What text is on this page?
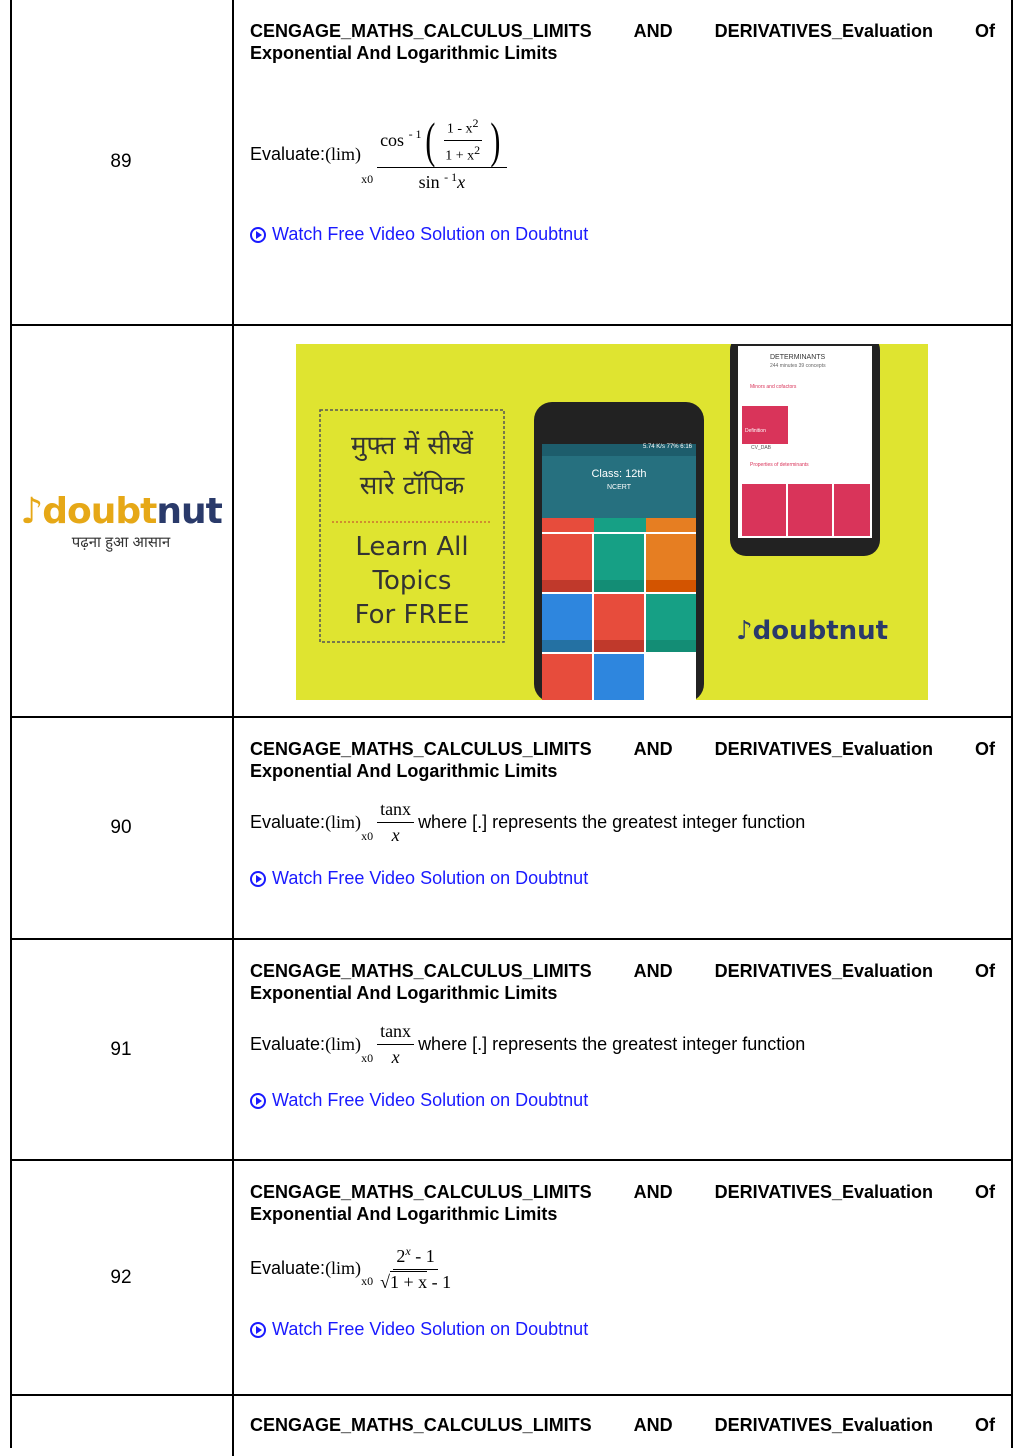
89
CENGAGE_MATHS_CALCULUS_LIMITS AND DERIVATIVES_Evaluation Of
Exponential And Logarithmic Limits
Evaluate: (lim)
x0
cos
$^{- 1}$ ( $\frac{1 - x^2}{1 + x^2}$ )
sin $^{- 1}$x
Watch Free Video Solution on Doubtnut
♪doubtnut
पढ़ना हुआ आसान
मुफ्त में सीखें
सारे टॉपिक
Learn All
Topics
For FREE
5.74 K/s 77% 6:16
Class: 12th
NCERT
DETERMINANTS
244 minutes 39 concepts
Minors and cofactors
Properties of determinants
Definition
CV_DAB
♪doubtnut
90
CENGAGE_MATHS_CALCULUS_LIMITS AND DERIVATIVES_Evaluation Of
Exponential And Logarithmic Limits
Evaluate: (lim)
$_{x0} \frac{\tan x}{x}$ where [.] represents the greatest integer function
Watch Free Video Solution on Doubtnut
91
CENGAGE_MATHS_CALCULUS_LIMITS AND DERIVATIVES_Evaluation Of
Exponential And Logarithmic Limits
Evaluate: (lim)
$_{x0} \frac{\tan x}{x}$ where [.] represents the greatest integer function
Watch Free Video Solution on Doubtnut
92
CENGAGE_MATHS_CALCULUS_LIMITS AND DERIVATIVES_Evaluation Of
Exponential And Logarithmic Limits
Evaluate: (lim)
$_{x0} \frac{2^x - 1}{√1 + x - 1}$
Watch Free Video Solution on Doubtnut
CENGAGE_MATHS_CALCULUS_LIMITS AND DERIVATIVES_Evaluation Of
